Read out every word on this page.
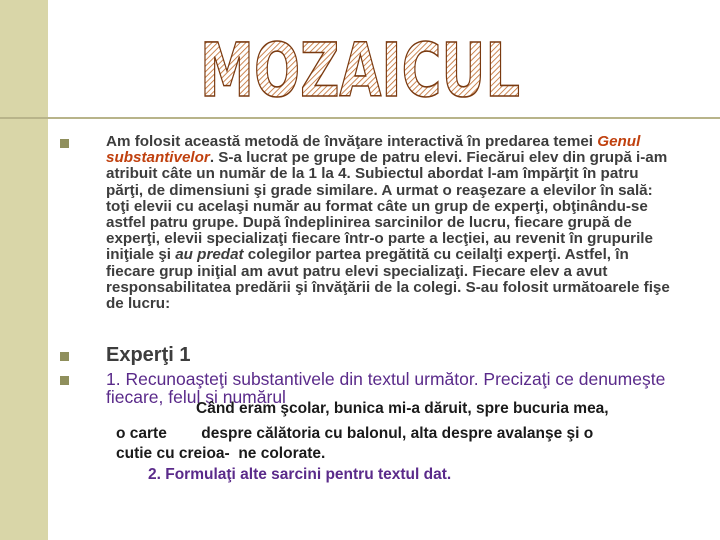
MOZAICUL
Am folosit această metodă de învăţare interactivă în predarea temei Genul substantivelor. S-a lucrat pe grupe de patru elevi. Fiecărui elev din grupă i-am atribuit câte un număr de la 1 la 4. Subiectul abordat l-am împărţit în patru părţi, de dimensiuni şi grade similare. A urmat o reaşezare a elevilor în sală: toţi elevii cu acelaşi număr au format câte un grup de experţi, obţinându-se astfel patru grupe. După îndeplinirea sarcinilor de lucru, fiecare grupă de experţi, elevii specializaţi fiecare într-o parte a lecţiei, au revenit în grupurile iniţiale şi au predat colegilor partea pregătită cu ceilalţi experţi. Astfel, în fiecare grup iniţial am avut patru elevi specializaţi. Fiecare elev a avut responsabilitatea predării şi învăţării de la colegi. S-au folosit următoarele fişe de lucru:
Experţi 1
1. Recunoaşteţi substantivele din textul următor. Precizaţi ce denumeşte fiecare, felul şi numărul
Când eram şcolar, bunica mi-a dăruit, spre bucuria mea,
o carte        despre călătoria cu balonul, alta despre avalanşe şi o
cutie cu creioa-  ne colorate.
2. Formulaţi alte sarcini pentru textul dat.
